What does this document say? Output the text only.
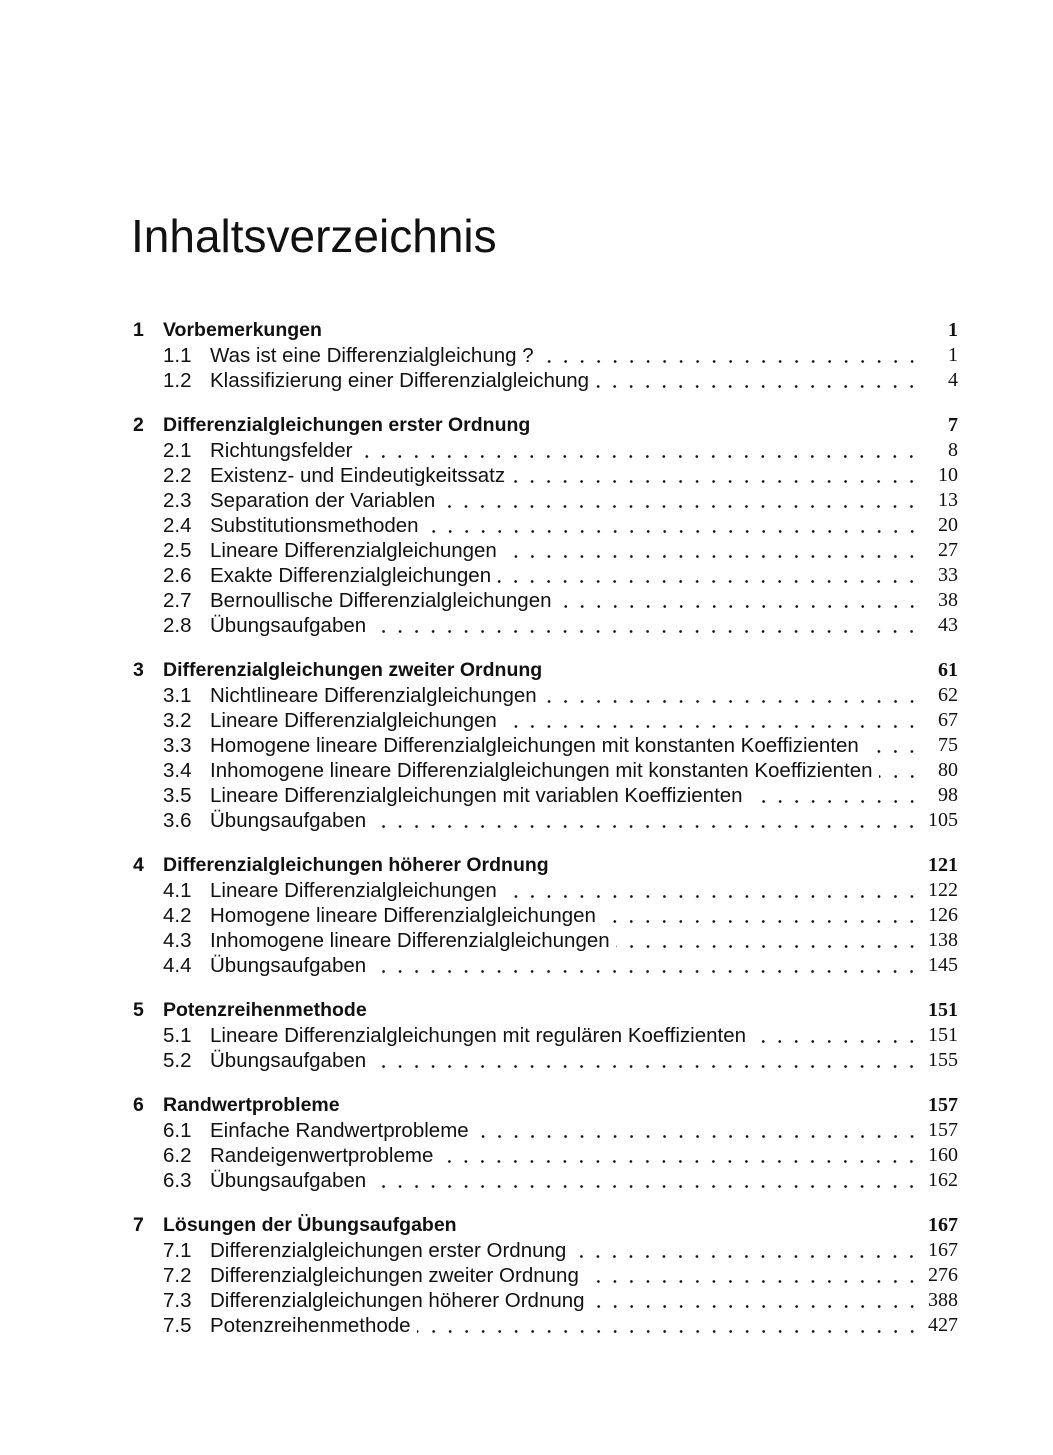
Inhaltsverzeichnis
1 Vorbemerkungen	1
1.1 Was ist eine Differenzialgleichung ?	1
1.2 Klassifizierung einer Differenzialgleichung	4
2 Differenzialgleichungen erster Ordnung	7
2.1 Richtungsfelder	8
2.2 Existenz- und Eindeutigkeitssatz	10
2.3 Separation der Variablen	13
2.4 Substitutionsmethoden	20
2.5 Lineare Differenzialgleichungen	27
2.6 Exakte Differenzialgleichungen	33
2.7 Bernoullische Differenzialgleichungen	38
2.8 Übungsaufgaben	43
3 Differenzialgleichungen zweiter Ordnung	61
3.1 Nichtlineare Differenzialgleichungen	62
3.2 Lineare Differenzialgleichungen	67
3.3 Homogene lineare Differenzialgleichungen mit konstanten Koeffizienten	75
3.4 Inhomogene lineare Differenzialgleichungen mit konstanten Koeffizienten	80
3.5 Lineare Differenzialgleichungen mit variablen Koeffizienten	98
3.6 Übungsaufgaben	105
4 Differenzialgleichungen höherer Ordnung	121
4.1 Lineare Differenzialgleichungen	122
4.2 Homogene lineare Differenzialgleichungen	126
4.3 Inhomogene lineare Differenzialgleichungen	138
4.4 Übungsaufgaben	145
5 Potenzreihenmethode	151
5.1 Lineare Differenzialgleichungen mit regulären Koeffizienten	151
5.2 Übungsaufgaben	155
6 Randwertprobleme	157
6.1 Einfache Randwertprobleme	157
6.2 Randeigenwertprobleme	160
6.3 Übungsaufgaben	162
7 Lösungen der Übungsaufgaben	167
7.1 Differenzialgleichungen erster Ordnung	167
7.2 Differenzialgleichungen zweiter Ordnung	276
7.3 Differenzialgleichungen höherer Ordnung	388
7.5 Potenzreihenmethode	427
